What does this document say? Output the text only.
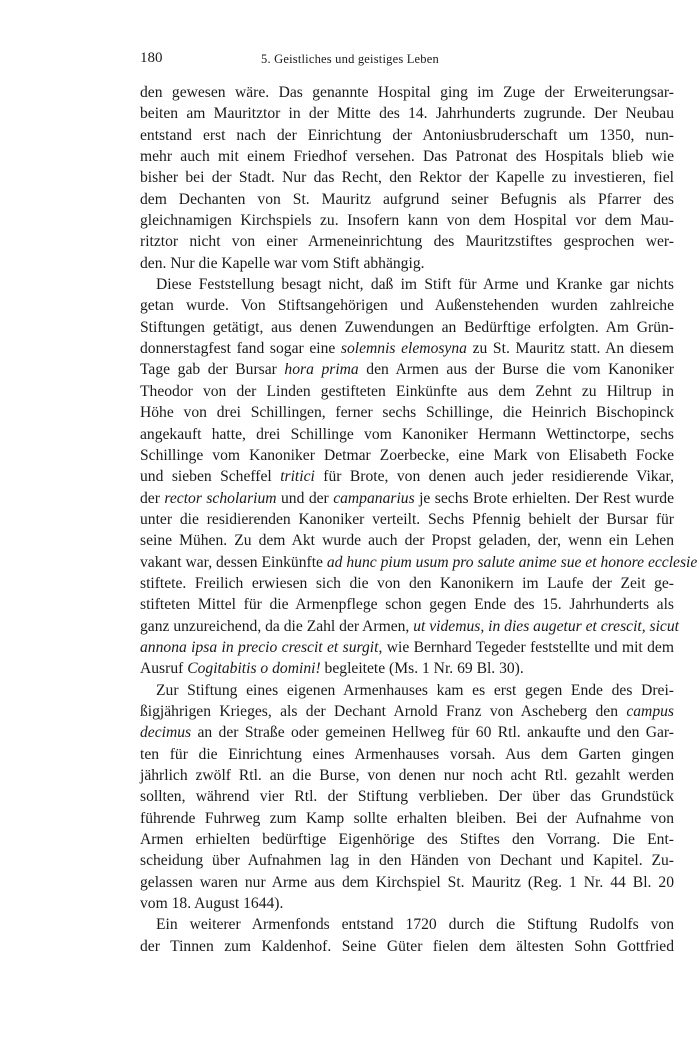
180	5. Geistliches und geistiges Leben
den gewesen wäre. Das genannte Hospital ging im Zuge der Erweiterungsar-
beiten am Mauritztor in der Mitte des 14. Jahrhunderts zugrunde. Der Neubau
entstand erst nach der Einrichtung der Antoniusbruderschaft um 1350, nun-
mehr auch mit einem Friedhof versehen. Das Patronat des Hospitals blieb wie
bisher bei der Stadt. Nur das Recht, den Rektor der Kapelle zu investieren, fiel
dem Dechanten von St. Mauritz aufgrund seiner Befugnis als Pfarrer des
gleichnamigen Kirchspiels zu. Insofern kann von dem Hospital vor dem Mau-
ritztor nicht von einer Armeneinrichtung des Mauritzstiftes gesprochen wer-
den. Nur die Kapelle war vom Stift abhängig.
Diese Feststellung besagt nicht, daß im Stift für Arme und Kranke gar nichts
getan wurde. Von Stiftsangehörigen und Außenstehenden wurden zahlreiche
Stiftungen getätigt, aus denen Zuwendungen an Bedürftige erfolgten. Am Grün-
donnerstagfest fand sogar eine solemnis elemosyna zu St. Mauritz statt. An diesem
Tage gab der Bursar hora prima den Armen aus der Burse die vom Kanoniker
Theodor von der Linden gestifteten Einkünfte aus dem Zehnt zu Hiltrup in
Höhe von drei Schillingen, ferner sechs Schillinge, die Heinrich Bischopinck
angekauft hatte, drei Schillinge vom Kanoniker Hermann Wettinctorpe, sechs
Schillinge vom Kanoniker Detmar Zoerbecke, eine Mark von Elisabeth Focke
und sieben Scheffel tritici für Brote, von denen auch jeder residierende Vikar,
der rector scholarium und der campanarius je sechs Brote erhielten. Der Rest wurde
unter die residierenden Kanoniker verteilt. Sechs Pfennig behielt der Bursar für
seine Mühen. Zu dem Akt wurde auch der Propst geladen, der, wenn ein Lehen
vakant war, dessen Einkünfte ad hunc pium usum pro salute anime sue et honore ecclesie
stiftete. Freilich erwiesen sich die von den Kanonikern im Laufe der Zeit ge-
stifteten Mittel für die Armenpflege schon gegen Ende des 15. Jahrhunderts als
ganz unzureichend, da die Zahl der Armen, ut videmus, in dies augetur et crescit, sicut
annona ipsa in precio crescit et surgit, wie Bernhard Tegeder feststellte und mit dem
Ausruf Cogitabitis o domini! begleitete (Ms. 1 Nr. 69 Bl. 30).
Zur Stiftung eines eigenen Armenhauses kam es erst gegen Ende des Drei-
ßigjährigen Krieges, als der Dechant Arnold Franz von Ascheberg den campus
decimus an der Straße oder gemeinen Hellweg für 60 Rtl. ankaufte und den Gar-
ten für die Einrichtung eines Armenhauses vorsah. Aus dem Garten gingen
jährlich zwölf Rtl. an die Burse, von denen nur noch acht Rtl. gezahlt werden
sollten, während vier Rtl. der Stiftung verblieben. Der über das Grundstück
führende Fuhrweg zum Kamp sollte erhalten bleiben. Bei der Aufnahme von
Armen erhielten bedürftige Eigenhörige des Stiftes den Vorrang. Die Ent-
scheidung über Aufnahmen lag in den Händen von Dechant und Kapitel. Zu-
gelassen waren nur Arme aus dem Kirchspiel St. Mauritz (Reg. 1 Nr. 44 Bl. 20
vom 18. August 1644).
Ein weiterer Armenfonds entstand 1720 durch die Stiftung Rudolfs von
der Tinnen zum Kaldenhof. Seine Güter fielen dem ältesten Sohn Gottfried
